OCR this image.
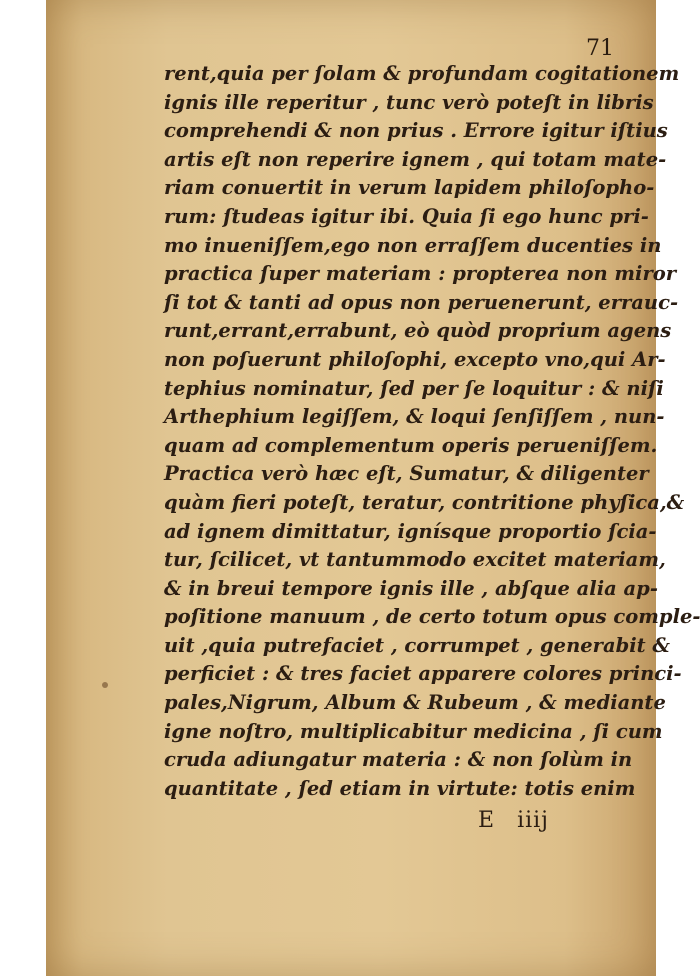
71
rent,quia per ſolam & profundam cogitationem
ignis ille reperitur , tunc verò poteſt in libris
comprehendi & non prius . Errore igitur iſtius
artis eſt non reperire ignem , qui totam mate-
riam conuertit in verum lapidem philoſopho-
rum: ſtudeas igitur ibi. Quia ſi ego hunc pri-
mo inueniſſem,ego non erraſſem ducenties in
practica ſuper materiam : propterea non miror
ſi tot & tanti ad opus non peruenerunt, errauc-
runt,errant,errabunt, eò quòd proprium agens
non poſuerunt philoſophi, excepto vno,qui Ar-
tephius nominatur, ſed per ſe loquitur : & niſi
Arthephium legiſſem, & loqui ſenſiſſem , nun-
quam ad complementum operis perueniſſem.
Practica verò hæc eſt, Sumatur, & diligenter
quàm fieri poteſt, teratur, contritione phyſica,&
ad ignem dimittatur, ignísque proportio ſcia-
tur, ſcilicet, vt tantummodo excitet materiam,
& in breui tempore ignis ille , abſque alia ap-
poſitione manuum , de certo totum opus comple-
uit ,quia putrefaciet , corrumpet , generabit &
perficiet : & tres faciet apparere colores princi-
pales,Nigrum, Album & Rubeum , & mediante
igne noſtro, multiplicabitur medicina , ſi cum
cruda adiungatur materia : & non ſolùm in
quantitate , ſed etiam in virtute: totis enim
E iiij
